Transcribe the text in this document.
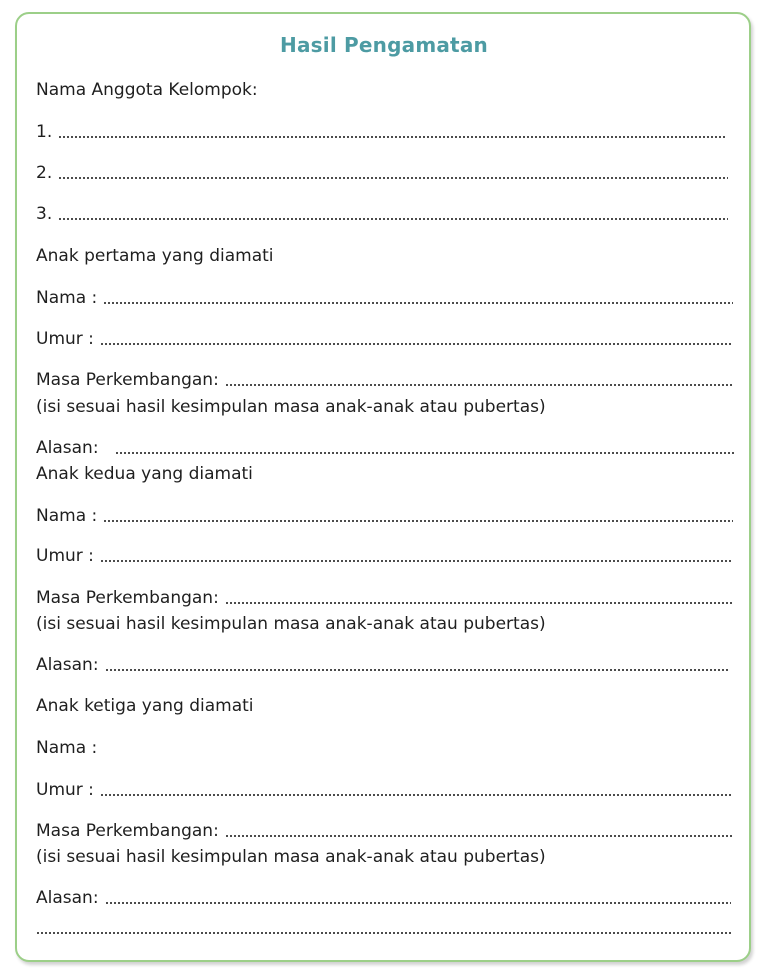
Hasil Pengamatan
Nama Anggota Kelompok:
1.
2.
3.
Anak pertama yang diamati
Nama :
Umur :
Masa Perkembangan:
(isi sesuai hasil kesimpulan masa anak-anak atau pubertas)
Alasan:
Anak kedua yang diamati
Nama :
Umur :
Masa Perkembangan:
(isi sesuai hasil kesimpulan masa anak-anak atau pubertas)
Alasan:
Anak ketiga yang diamati
Nama :
Umur :
Masa Perkembangan:
(isi sesuai hasil kesimpulan masa anak-anak atau pubertas)
Alasan:
